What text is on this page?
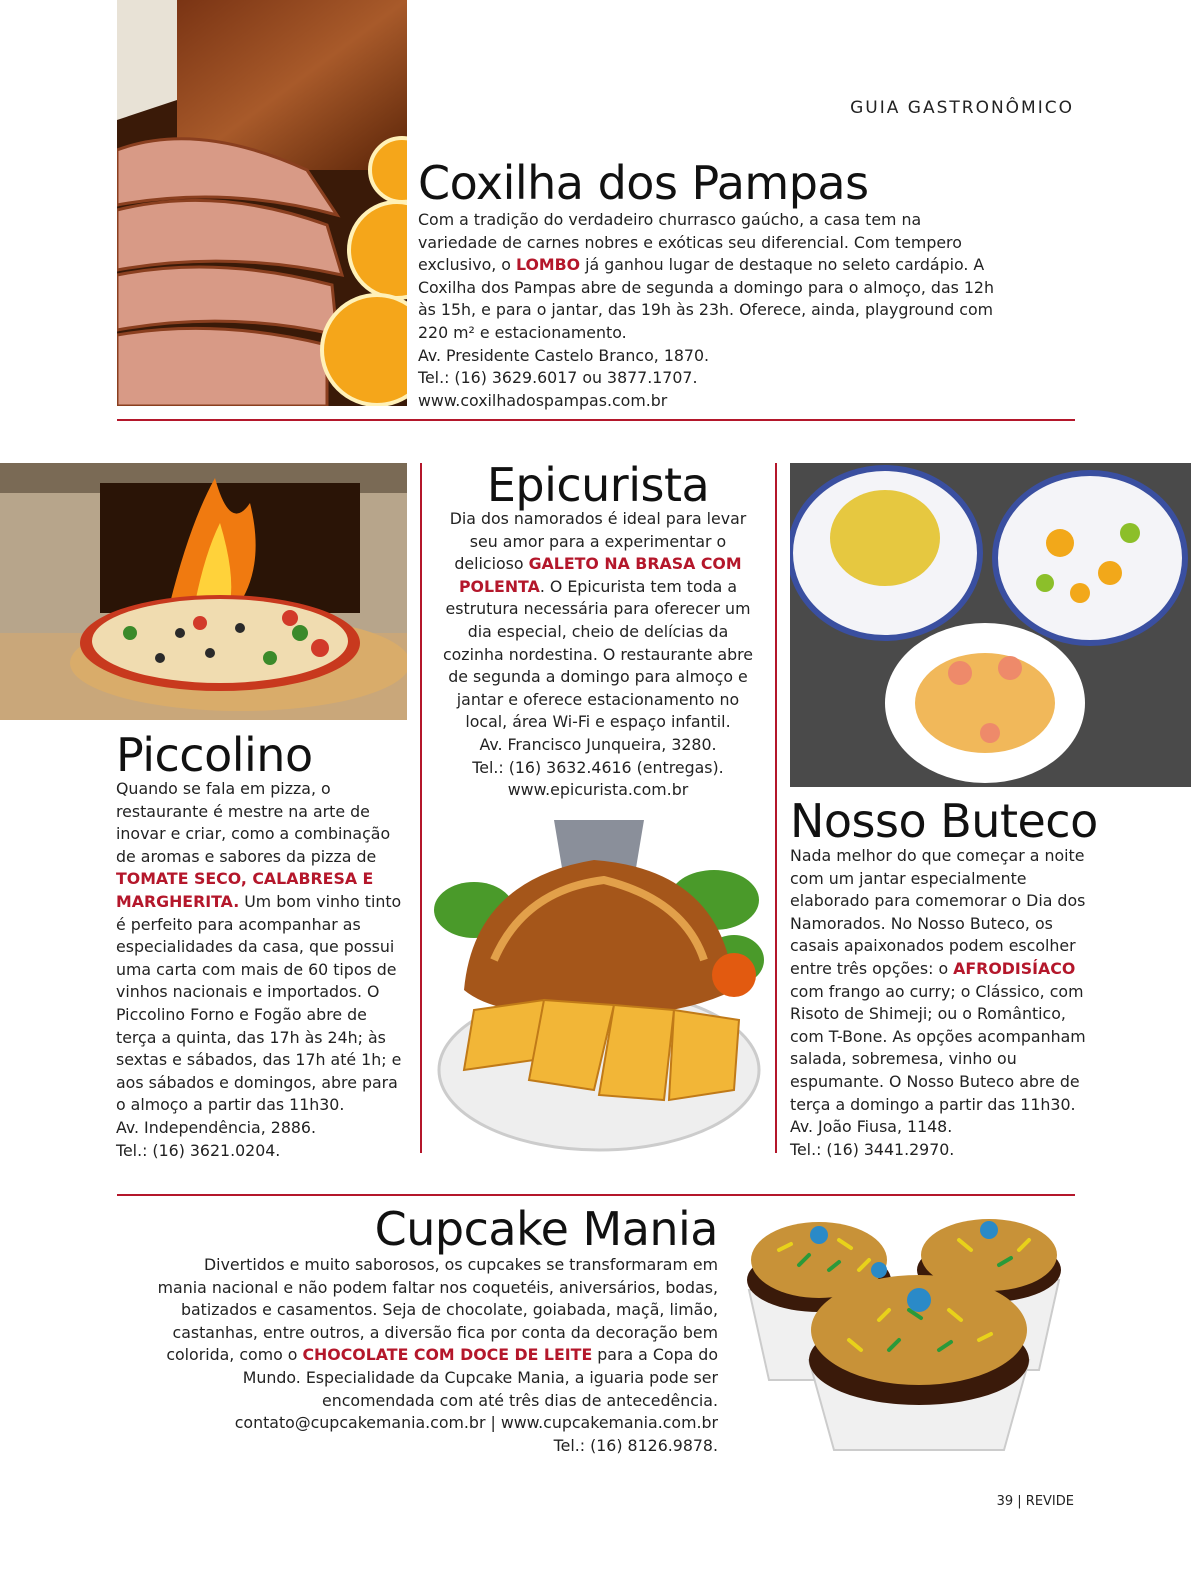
GUIA GASTRONÔMICO
Coxilha dos Pampas

Com a tradição do verdadeiro churrasco gaúcho, a casa tem na variedade de carnes nobres e exóticas seu diferencial. Com tempero exclusivo, o LOMBO já ganhou lugar de destaque no seleto cardápio. A Coxilha dos Pampas abre de segunda a domingo para o almoço, das 12h às 15h, e para o jantar, das 19h às 23h. Oferece, ainda, playground com 220 m² e estacionamento.

Av. Presidente Castelo Branco, 1870.

Tel.: (16) 3629.6017 ou 3877.1707.

www.coxilhadospampas.com.br

Piccolino

Quando se fala em pizza, o restaurante é mestre na arte de inovar e criar, como a combinação de aromas e sabores da pizza de TOMATE SECO, CALABRESA E MARGHERITA. Um bom vinho tinto é perfeito para acompanhar as especialidades da casa, que possui uma carta com mais de 60 tipos de vinhos nacionais e importados. O Piccolino Forno e Fogão abre de terça a quinta, das 17h às 24h; às sextas e sábados, das 17h até 1h; e aos sábados e domingos, abre para o almoço a partir das 11h30.

Av. Independência, 2886.

Tel.: (16) 3621.0204.

Epicurista

Dia dos namorados é ideal para levar seu amor para a experimentar o delicioso GALETO NA BRASA COM POLENTA. O Epicurista tem toda a estrutura necessária para oferecer um dia especial, cheio de delícias da cozinha nordestina. O restaurante abre de segunda a domingo para almoço e jantar e oferece estacionamento no local, área Wi-Fi e espaço infantil.

Av. Francisco Junqueira, 3280.

Tel.: (16) 3632.4616 (entregas).

www.epicurista.com.br

Nosso Buteco

Nada melhor do que começar a noite com um jantar especialmente elaborado para comemorar o Dia dos Namorados. No Nosso Buteco, os casais apaixonados podem escolher entre três opções: o AFRODISÍACO com frango ao curry; o Clássico, com Risoto de Shimeji; ou o Romântico, com T-Bone. As opções acompanham salada, sobremesa, vinho ou espumante. O Nosso Buteco abre de terça a domingo a partir das 11h30.

Av. João Fiusa, 1148.

Tel.: (16) 3441.2970.

Cupcake Mania

Divertidos e muito saborosos, os cupcakes se transformaram em mania nacional e não podem faltar nos coquetéis, aniversários, bodas, batizados e casamentos. Seja de chocolate, goiabada, maçã, limão, castanhas, entre outros, a diversão fica por conta da decoração bem colorida, como o CHOCOLATE COM DOCE DE LEITE para a Copa do Mundo. Especialidade da Cupcake Mania, a iguaria pode ser encomendada com até três dias de antecedência.

contato@cupcakemania.com.br | www.cupcakemania.com.br

Tel.: (16) 8126.9878.

39 | REVIDE
